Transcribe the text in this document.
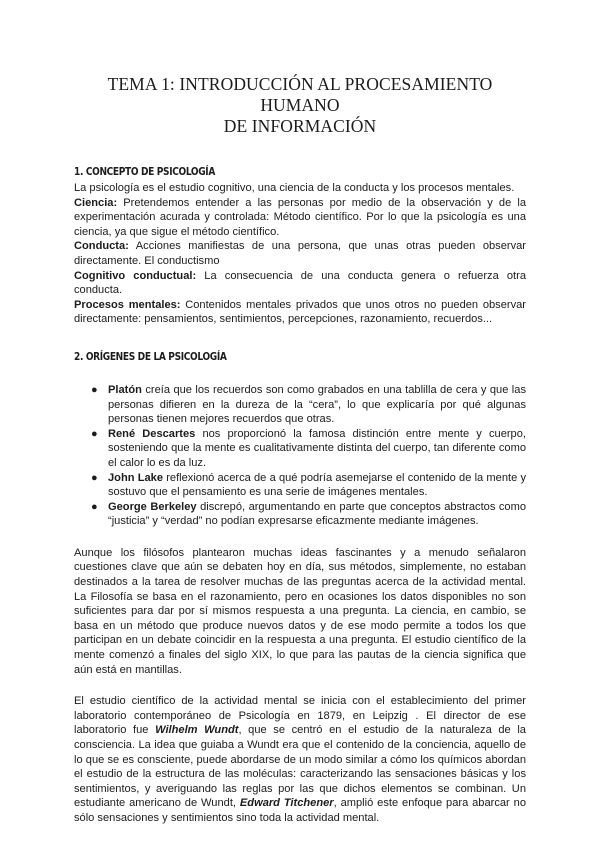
TEMA 1: INTRODUCCIÓN AL PROCESAMIENTO HUMANO
DE INFORMACIÓN
1. CONCEPTO DE PSICOLOGÍA

La psicología es el estudio cognitivo, una ciencia de la conducta y los procesos mentales.

Ciencia: Pretendemos entender a las personas por medio de la observación y de la experimentación acurada y controlada: Método científico. Por lo que la psicología es una ciencia, ya que sigue el método científico.

Conducta: Acciones manifiestas de una persona, que unas otras pueden observar directamente. El conductismo

Cognitivo conductual: La consecuencia de una conducta genera o refuerza otra conducta.

Procesos mentales: Contenidos mentales privados que unos otros no pueden observar directamente: pensamientos, sentimientos, percepciones, razonamiento, recuerdos...

2. ORÍGENES DE LA PSICOLOGÍA
● Platón creía que los recuerdos son como grabados en una tablilla de cera y que las personas difieren en la dureza de la “cera”, lo que explicaría por qué algunas personas tienen mejores recuerdos que otras.
● René Descartes nos proporcionó la famosa distinción entre mente y cuerpo, sosteniendo que la mente es cualitativamente distinta del cuerpo, tan diferente como el calor lo es da luz.
● John Lake reflexionó acerca de a qué podría asemejarse el contenido de la mente y sostuvo que el pensamiento es una serie de imágenes mentales.
● George Berkeley discrepó, argumentando en parte que conceptos abstractos como “justicia” y “verdad” no podían expresarse eficazmente mediante imágenes.

Aunque los filósofos plantearon muchas ideas fascinantes y a menudo señalaron cuestiones clave que aún se debaten hoy en día, sus métodos, simplemente, no estaban destinados a la tarea de resolver muchas de las preguntas acerca de la actividad mental. La Filosofía se basa en el razonamiento, pero en ocasiones los datos disponibles no son suficientes para dar por sí mismos respuesta a una pregunta. La ciencia, en cambio, se basa en un método que produce nuevos datos y de ese modo permite a todos los que participan en un debate coincidir en la respuesta a una pregunta. El estudio científico de la mente comenzó a finales del siglo XIX, lo que para las pautas de la ciencia significa que aún está en mantillas.

El estudio científico de la actividad mental se inicia con el establecimiento del primer laboratorio contemporáneo de Psicología en 1879, en Leipzig . El director de ese laboratorio fue Wilhelm Wundt, que se centró en el estudio de la naturaleza de la consciencia. La idea que guiaba a Wundt era que el contenido de la conciencia, aquello de lo que se es consciente, puede abordarse de un modo similar a cómo los químicos abordan el estudio de la estructura de las moléculas: caracterizando las sensaciones básicas y los sentimientos, y averiguando las reglas por las que dichos elementos se combinan. Un estudiante americano de Wundt, Edward Titchener, amplió este enfoque para abarcar no sólo sensaciones y sentimientos sino toda la actividad mental.
